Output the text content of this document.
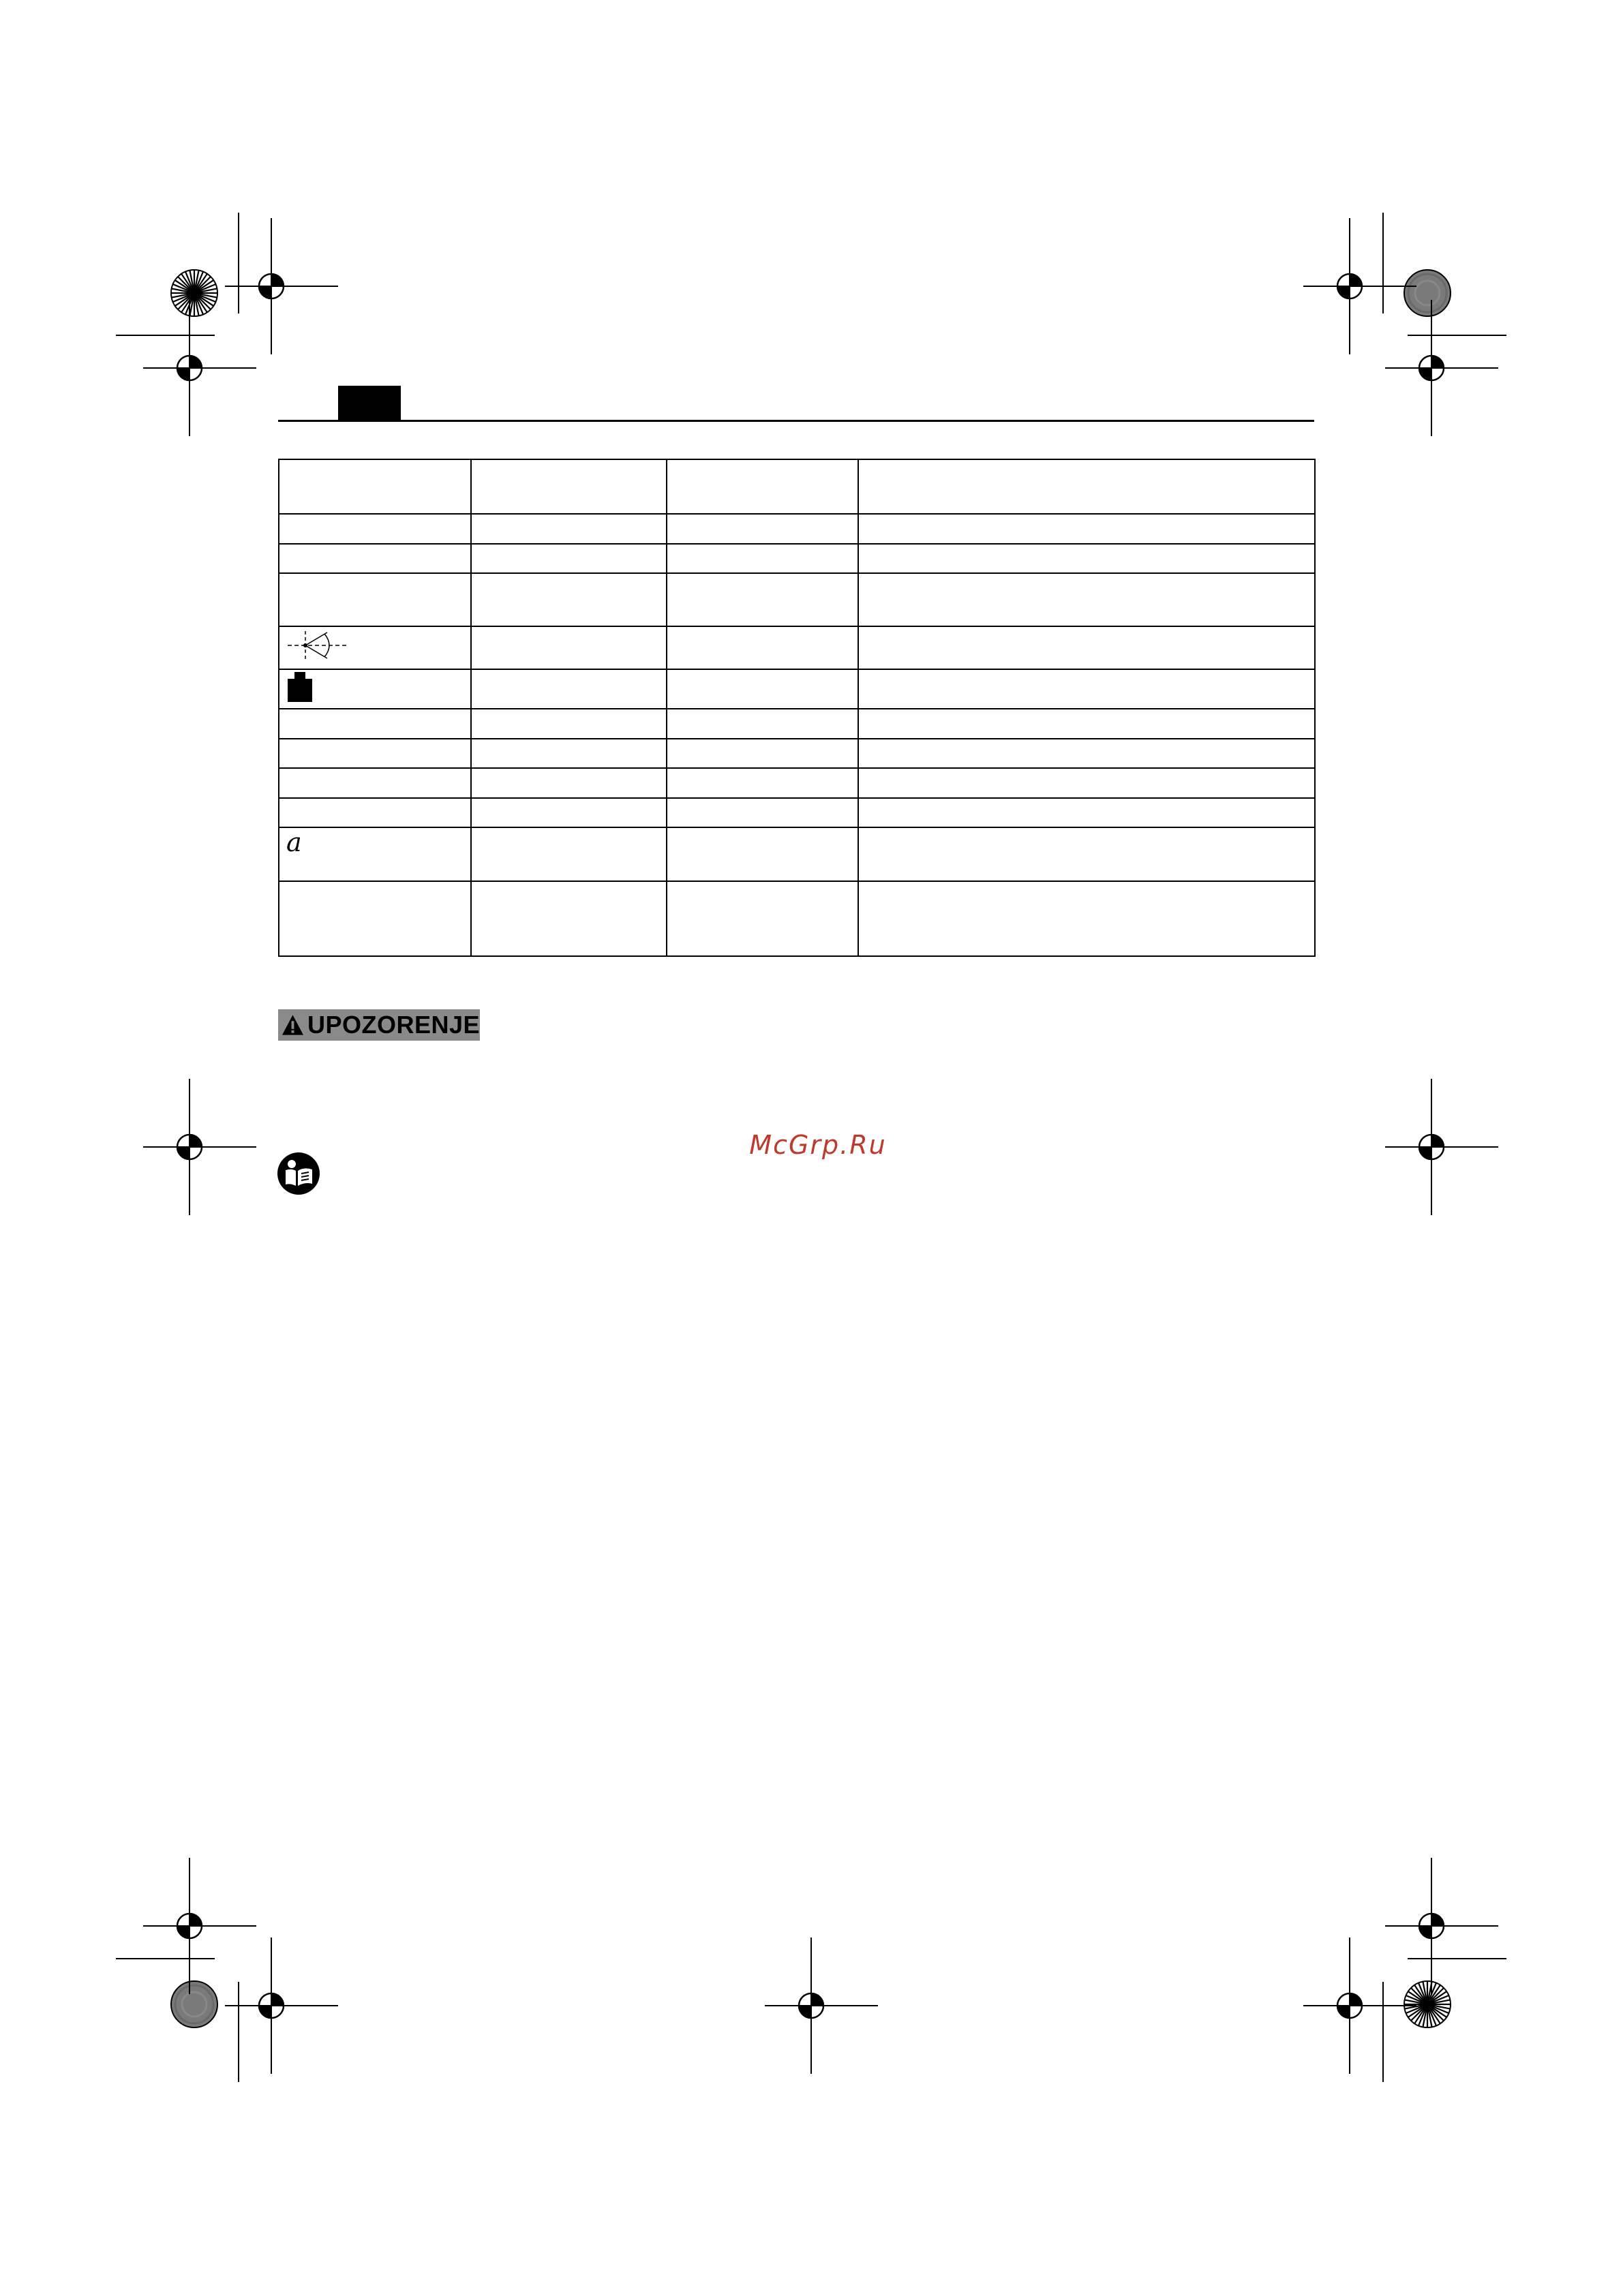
a			

UPOZORENJE
McGrp.Ru
